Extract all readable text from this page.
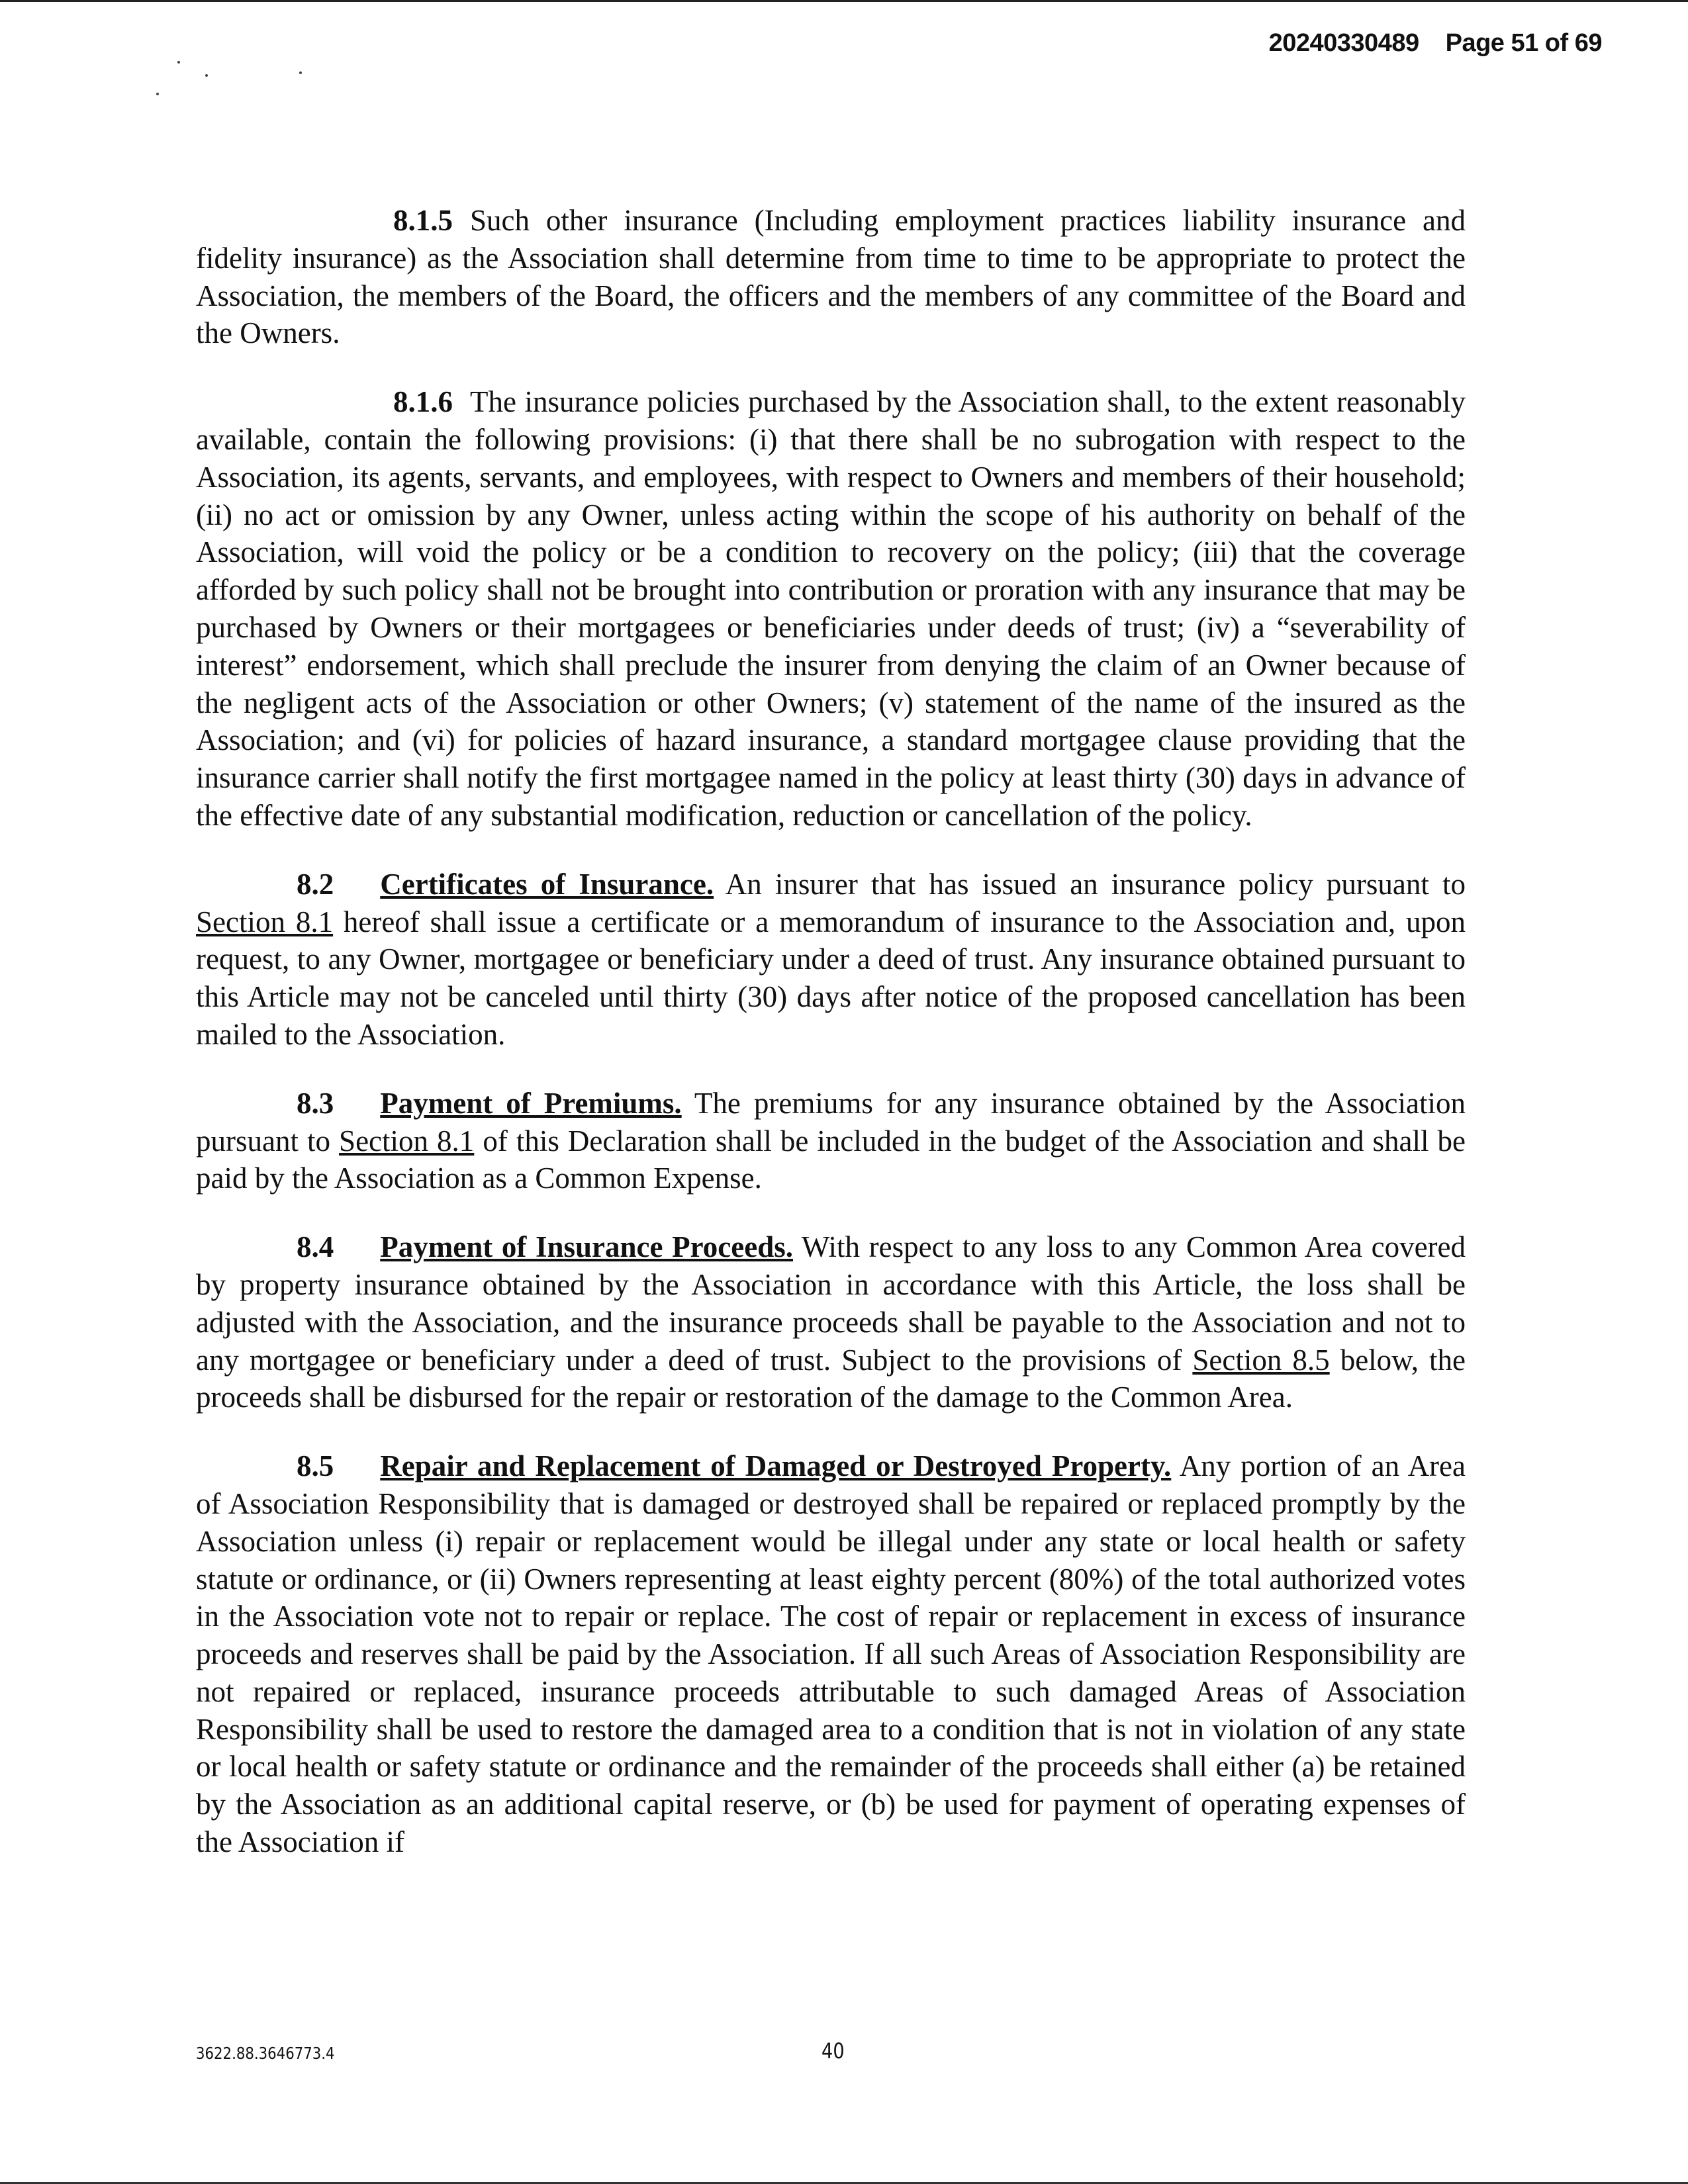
20240330489 Page 51 of 69

8.1.5 Such other insurance (Including employment practices liability insurance and fidelity insurance) as the Association shall determine from time to time to be appropriate to protect the Association, the members of the Board, the officers and the members of any committee of the Board and the Owners.

8.1.6 The insurance policies purchased by the Association shall, to the extent reasonably available, contain the following provisions: (i) that there shall be no subrogation with respect to the Association, its agents, servants, and employees, with respect to Owners and members of their household; (ii) no act or omission by any Owner, unless acting within the scope of his authority on behalf of the Association, will void the policy or be a condition to recovery on the policy; (iii) that the coverage afforded by such policy shall not be brought into contribution or proration with any insurance that may be purchased by Owners or their mortgagees or beneficiaries under deeds of trust; (iv) a “severability of interest” endorsement, which shall preclude the insurer from denying the claim of an Owner because of the negligent acts of the Association or other Owners; (v) statement of the name of the insured as the Association; and (vi) for policies of hazard insurance, a standard mortgagee clause providing that the insurance carrier shall notify the first mortgagee named in the policy at least thirty (30) days in advance of the effective date of any substantial modification, reduction or cancellation of the policy.

8.2 Certificates of Insurance. An insurer that has issued an insurance policy pursuant to Section 8.1 hereof shall issue a certificate or a memorandum of insurance to the Association and, upon request, to any Owner, mortgagee or beneficiary under a deed of trust. Any insurance obtained pursuant to this Article may not be canceled until thirty (30) days after notice of the proposed cancellation has been mailed to the Association.

8.3 Payment of Premiums. The premiums for any insurance obtained by the Association pursuant to Section 8.1 of this Declaration shall be included in the budget of the Association and shall be paid by the Association as a Common Expense.

8.4 Payment of Insurance Proceeds. With respect to any loss to any Common Area covered by property insurance obtained by the Association in accordance with this Article, the loss shall be adjusted with the Association, and the insurance proceeds shall be payable to the Association and not to any mortgagee or beneficiary under a deed of trust. Subject to the provisions of Section 8.5 below, the proceeds shall be disbursed for the repair or restoration of the damage to the Common Area.

8.5 Repair and Replacement of Damaged or Destroyed Property. Any portion of an Area of Association Responsibility that is damaged or destroyed shall be repaired or replaced promptly by the Association unless (i) repair or replacement would be illegal under any state or local health or safety statute or ordinance, or (ii) Owners representing at least eighty percent (80%) of the total authorized votes in the Association vote not to repair or replace. The cost of repair or replacement in excess of insurance proceeds and reserves shall be paid by the Association. If all such Areas of Association Responsibility are not repaired or replaced, insurance proceeds attributable to such damaged Areas of Association Responsibility shall be used to restore the damaged area to a condition that is not in violation of any state or local health or safety statute or ordinance and the remainder of the proceeds shall either (a) be retained by the Association as an additional capital reserve, or (b) be used for payment of operating expenses of the Association if

3622.88.3646773.4	40
